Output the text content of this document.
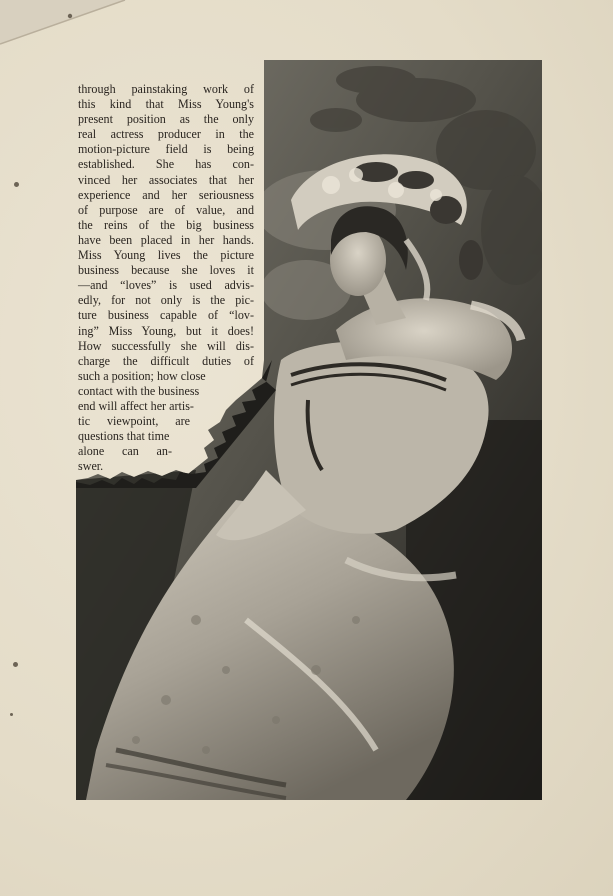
through painstaking work of
this kind that Miss Young's
present position as the only
real actress producer in the
motion-picture field is being
established. She has con-
vinced her associates that her
experience and her seriousness
of purpose are of value, and
the reins of the big business
have been placed in her hands.
Miss Young lives the picture
business because she loves it
—and “loves” is used advis-
edly, for not only is the pic-
ture business capable of “lov-
ing” Miss Young, but it does!
How successfully she will dis-
charge the difficult duties of
such a position; how close
contact with the business
end will affect her artis-
tic viewpoint, are
questions that time
alone can an-
swer.
